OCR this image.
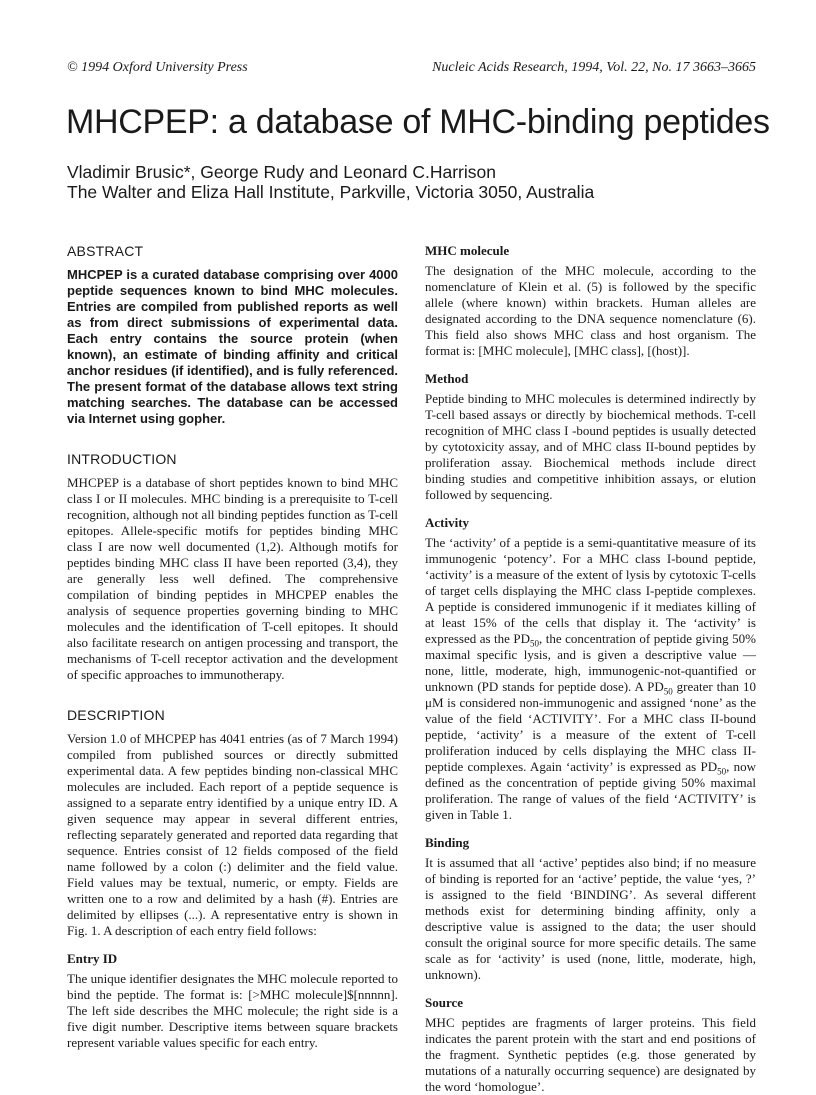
© 1994 Oxford University Press	Nucleic Acids Research, 1994, Vol. 22, No. 17 3663–3665
MHCPEP: a database of MHC-binding peptides
Vladimir Brusic*, George Rudy and Leonard C.Harrison
The Walter and Eliza Hall Institute, Parkville, Victoria 3050, Australia
ABSTRACT

MHCPEP is a curated database comprising over 4000 peptide sequences known to bind MHC molecules. Entries are compiled from published reports as well as from direct submissions of experimental data. Each entry contains the source protein (when known), an estimate of binding affinity and critical anchor residues (if identified), and is fully referenced. The present format of the database allows text string matching searches. The database can be accessed via Internet using gopher.

INTRODUCTION

MHCPEP is a database of short peptides known to bind MHC class I or II molecules. MHC binding is a prerequisite to T-cell recognition, although not all binding peptides function as T-cell epitopes. Allele-specific motifs for peptides binding MHC class I are now well documented (1,2). Although motifs for peptides binding MHC class II have been reported (3,4), they are generally less well defined. The comprehensive compilation of binding peptides in MHCPEP enables the analysis of sequence properties governing binding to MHC molecules and the identification of T-cell epitopes. It should also facilitate research on antigen processing and transport, the mechanisms of T-cell receptor activation and the development of specific approaches to immunotherapy.

DESCRIPTION

Version 1.0 of MHCPEP has 4041 entries (as of 7 March 1994) compiled from published sources or directly submitted experimental data. A few peptides binding non-classical MHC molecules are included. Each report of a peptide sequence is assigned to a separate entry identified by a unique entry ID. A given sequence may appear in several different entries, reflecting separately generated and reported data regarding that sequence. Entries consist of 12 fields composed of the field name followed by a colon (:) delimiter and the field value. Field values may be textual, numeric, or empty. Fields are written one to a row and delimited by a hash (#). Entries are delimited by ellipses (...). A representative entry is shown in Fig. 1. A description of each entry field follows:

Entry ID

The unique identifier designates the MHC molecule reported to bind the peptide. The format is: [>MHC molecule]$[nnnnn]. The left side describes the MHC molecule; the right side is a five digit number. Descriptive items between square brackets represent variable values specific for each entry.

MHC molecule

The designation of the MHC molecule, according to the nomenclature of Klein et al. (5) is followed by the specific allele (where known) within brackets. Human alleles are designated according to the DNA sequence nomenclature (6). This field also shows MHC class and host organism. The format is: [MHC molecule], [MHC class], [(host)].

Method

Peptide binding to MHC molecules is determined indirectly by T-cell based assays or directly by biochemical methods. T-cell recognition of MHC class I -bound peptides is usually detected by cytotoxicity assay, and of MHC class II-bound peptides by proliferation assay. Biochemical methods include direct binding studies and competitive inhibition assays, or elution followed by sequencing.

Activity

The ‘activity’ of a peptide is a semi-quantitative measure of its immunogenic ‘potency’. For a MHC class I-bound peptide, ‘activity’ is a measure of the extent of lysis by cytotoxic T-cells of target cells displaying the MHC class I-peptide complexes. A peptide is considered immunogenic if it mediates killing of at least 15% of the cells that display it. The ‘activity’ is expressed as the $PD_{50}$, the concentration of peptide giving 50% maximal specific lysis, and is given a descriptive value — none, little, moderate, high, immunogenic-not-quantified or unknown (PD stands for peptide dose). A $PD_{50}$ greater than 10 μM is considered non-immunogenic and assigned ‘none’ as the value of the field ‘ACTIVITY’. For a MHC class II-bound peptide, ‘activity’ is a measure of the extent of T-cell proliferation induced by cells displaying the MHC class II-peptide complexes. Again ‘activity’ is expressed as $PD_{50}$, now defined as the concentration of peptide giving 50% maximal proliferation. The range of values of the field ‘ACTIVITY’ is given in Table 1.

Binding

It is assumed that all ‘active’ peptides also bind; if no measure of binding is reported for an ‘active’ peptide, the value ‘yes, ?’ is assigned to the field ‘BINDING’. As several different methods exist for determining binding affinity, only a descriptive value is assigned to the data; the user should consult the original source for more specific details. The same scale as for ‘activity’ is used (none, little, moderate, high, unknown).

Source

MHC peptides are fragments of larger proteins. This field indicates the parent protein with the start and end positions of the fragment. Synthetic peptides (e.g. those generated by mutations of a naturally occurring sequence) are designated by the word ‘homologue’.
